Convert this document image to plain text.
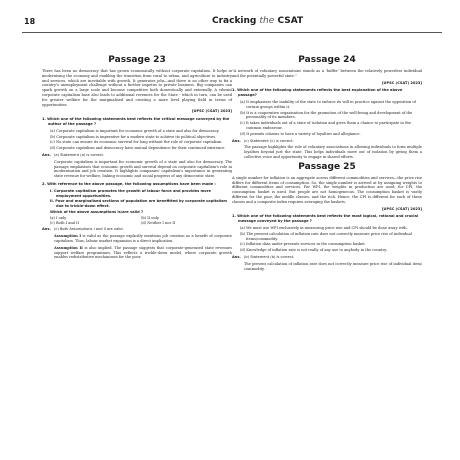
18	Cracking the CSAT
Passage 23

There has been no democracy that has grown economically without corporate capitalism. It helps in modernising the economy and enabling the transition from rural to urban, and agriculture to industry and services, which are inevitable with growth. It generates jobs—and there is no other way to fix a country's unemployment challenge without a further impetus to private business. Big companies can spark growth on a large scale and become competitive both domestically and externally. A vibrant corporate capitalism base also leads to additional revenues for the State - which in turn, can be used for greater welfare for the marginalised and creating a more level playing field in terms of opportunities.

[UPSC (CSAT) 2023]
1. Which one of the following statements best reflects the critical message conveyed by the author of the passage ?
(a) Corporate capitalism is important for economic growth of a state and also for democracy.
(b) Corporate capitalism is imperative for a modern state to achieve its political objectives.
(c) No state can ensure its economic survival for long without the role of corporate capitalism.
(d) Corporate capitalism and democracy have mutual dependence for their continued existence.
Ans. (a) Statement (a) is correct.
Corporate capitalism is important for economic growth of a state and also for democracy. The passage emphasises that economic growth and survival depend on corporate capitalism's role in modernisation and job creation. It highlights companies' capitalism's importance in generating state revenue for welfare, linking economic and social progress of any democratic state.
2. With reference to the above passage, the following assumptions have been made :
I. Corporate capitalism promotes the growth of labour force and provides more employment opportunities.
II. Poor and marginalised sections of population are benefitted by corporate capitalism due to trickle-down effect.
Which of the above assumptions is/are valid ?
(a) I only	(b) II only
(c) Both I and II	(d) Neither I nor II
Ans. (c) Both Assumptions I and II are valid.
Assumption I is valid as the passage explicitly mentions job creation as a benefit of corporate capitalism. Thus, labour market expansion is a direct implication.
Assumption II is also implied. The passage suggests that corporate-generated state revenues support welfare programmes. This reflects a trickle-down model, where corporate growth enables redistributive mechanisms for the poor.
Passage 24

"A network of voluntary associations stands as a 'buffer' between the relatively powerless individual and the potentially powerful state."

[UPSC (CSAT) 2023]
1. Which one of the following statements reflects the best explanation of the above passage?
(a) It emphasises the inability of the state to enforce its will in practice against the opposition of certain groups within it.
(b) It is a cooperative organisation for the promotion of the well-being and development of the personality of its members.
(c) It takes individuals out of a state of isolation and gives them a chance to participate in the common endeavour.
(d) It permits citizens to have a variety of loyalties and allegiance.
Ans. (c) Statement (c) is correct.
The passage highlights the role of voluntary associations in allowing individuals to form multiple loyalties beyond just the state. This helps individuals move out of isolation by giving them a collective voice and opportunity to engage in shared efforts.
Passage 25

A single number for inflation is an aggregate across different commodities and services—the price rise differs for different items of consumption. So, the single number is arrived at by assigning weights to different commodities and services. For WPI, the weights in production are used; for CPI, the consumption basket is used. But people are not homogeneous. The consumption basket is vastly different for the poor, the middle classes, and the rich. Hence, the CPI is different for each of these classes and a composite index requires averaging the baskets.

[UPSC (CSAT) 2023]
1. Which one of the following statements best reflects the most logical, rational and crucial message conveyed by the passage ?
(a) We must use WPI exclusively in measuring price rise and CPI should be done away with.
(b) The present calculation of inflation rate does not correctly measure price rise of individual items/commodity.
(c) Inflation data under-presents services in the consumption basket.
(d) Knowledge of inflation rate is not really of any use to anybody in the country.
Ans. (b) Statement (b) is correct.
The present calculation of inflation rate does not correctly measure price rise of individual item/ commodity.
